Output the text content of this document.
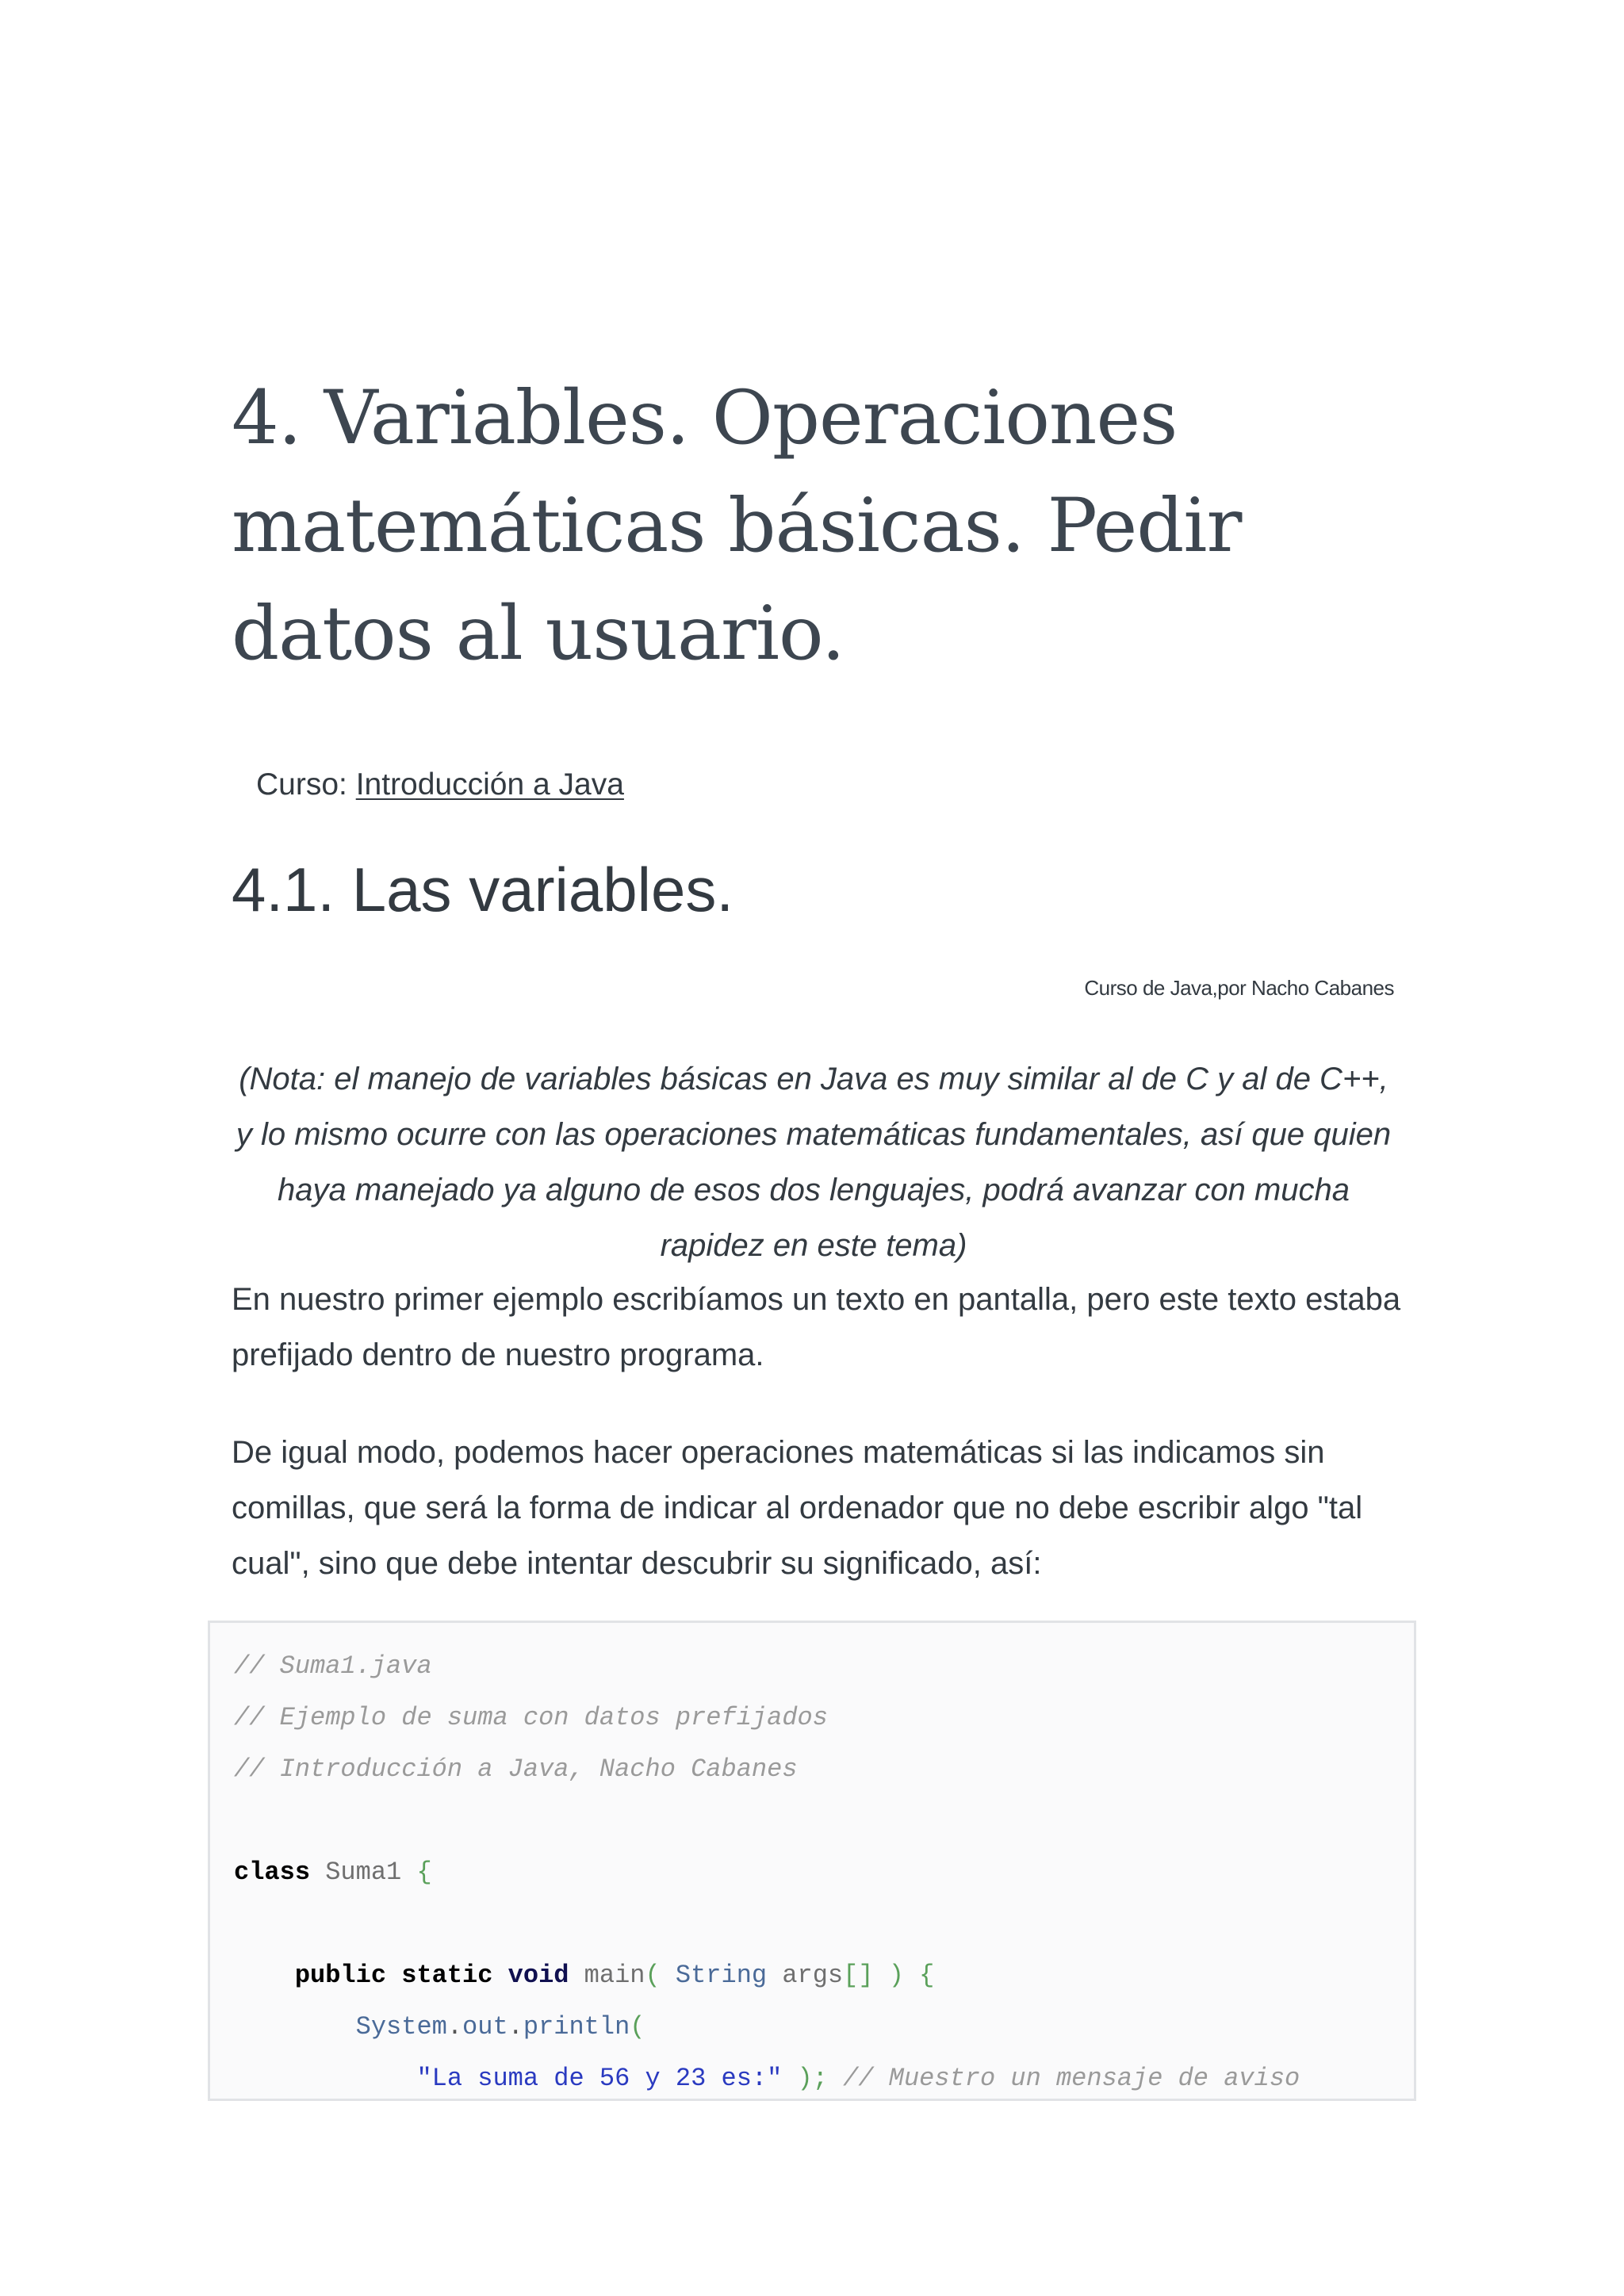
4. Variables. Operaciones matemáticas básicas. Pedir datos al usuario.
Curso: Introducción a Java
4.1. Las variables.
Curso de Java,por Nacho Cabanes

(Nota: el manejo de variables básicas en Java es muy similar al de C y al de C++, y lo mismo ocurre con las operaciones matemáticas fundamentales, así que quien haya manejado ya alguno de esos dos lenguajes, podrá avanzar con mucha rapidez en este tema)

En nuestro primer ejemplo escribíamos un texto en pantalla, pero este texto estaba prefijado dentro de nuestro programa.

De igual modo, podemos hacer operaciones matemáticas si las indicamos sin comillas, que será la forma de indicar al ordenador que no debe escribir algo "tal cual", sino que debe intentar descubrir su significado, así:

// Suma1.java
// Ejemplo de suma con datos prefijados
// Introducción a Java, Nacho Cabanes

class Suma1 {

public static void main( String args[] ) {
System.out.println(
"La suma de 56 y 23 es:" ); // Muestro un mensaje de aviso
